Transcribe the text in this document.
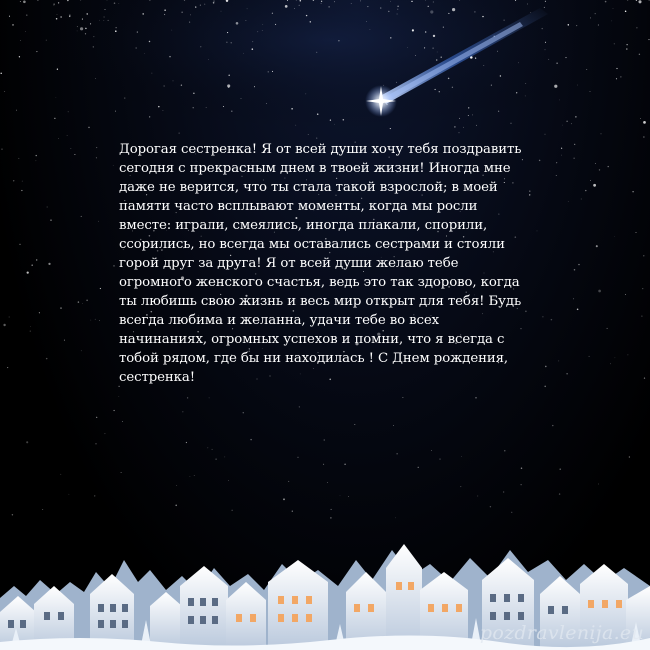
Дорогая сестренка! Я от всей души хочу тебя поздравить сегодня с прекрасным днем в твоей жизни! Иногда мне даже не верится, что ты стала такой взрослой; в моей памяти часто всплывают моменты, когда мы росли вместе: играли, смеялись, иногда плакали, спорили, ссорились, но всегда мы оставались сестрами и стояли горой друг за друга! Я от всей души желаю тебе огромного женского счастья, ведь это так здорово, когда ты любишь свою жизнь и весь мир открыт для тебя! Будь всегда любима и желанна, удачи тебе во всех начинаниях, огромных успехов и помни, что я всегда с тобой рядом, где бы ни находилась ! С Днем рождения, сестренка!

pozdravlenija.eu
